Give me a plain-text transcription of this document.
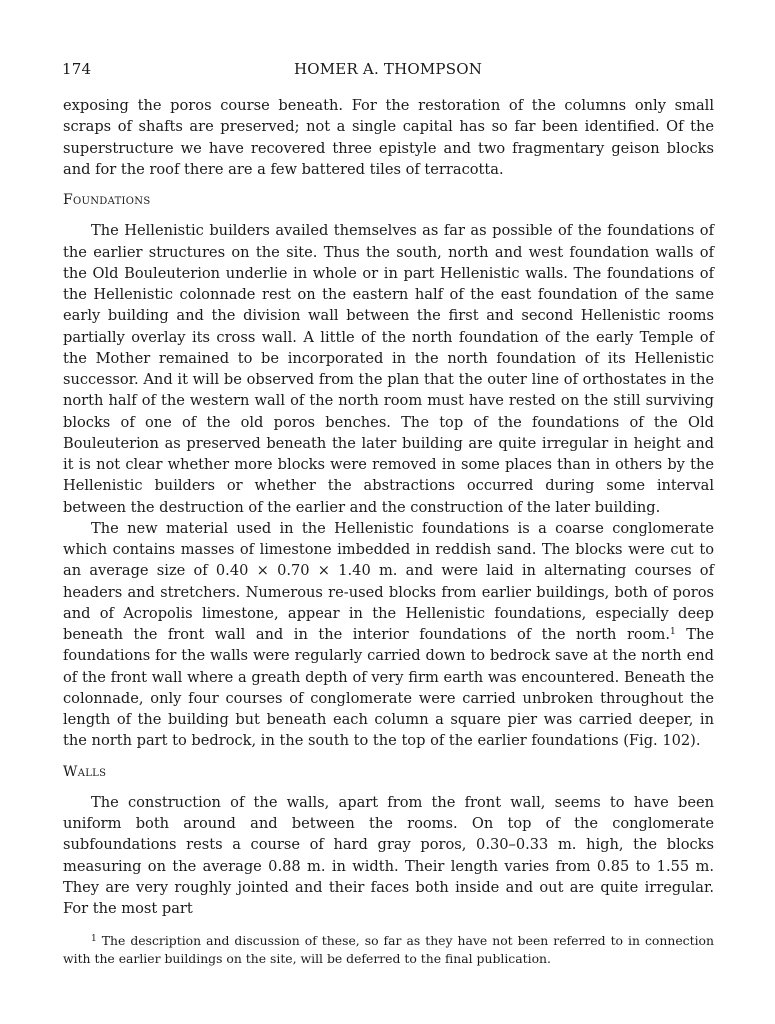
174	HOMER A. THOMPSON

exposing the poros course beneath. For the restoration of the columns only small scraps of shafts are preserved; not a single capital has so far been identified. Of the superstructure we have recovered three epistyle and two fragmentary geison blocks and for the roof there are a few battered tiles of terracotta.

Foundations

The Hellenistic builders availed themselves as far as possible of the foundations of the earlier structures on the site. Thus the south, north and west foundation walls of the Old Bouleuterion underlie in whole or in part Hellenistic walls. The foundations of the Hellenistic colonnade rest on the eastern half of the east foundation of the same early building and the division wall between the first and second Hellenistic rooms partially overlay its cross wall. A little of the north foundation of the early Temple of the Mother remained to be incorporated in the north foundation of its Hellenistic successor. And it will be observed from the plan that the outer line of orthostates in the north half of the western wall of the north room must have rested on the still surviving blocks of one of the old poros benches. The top of the foundations of the Old Bouleuterion as preserved beneath the later building are quite irregular in height and it is not clear whether more blocks were removed in some places than in others by the Hellenistic builders or whether the abstractions occurred during some interval between the destruction of the earlier and the construction of the later building.

The new material used in the Hellenistic foundations is a coarse conglomerate which contains masses of limestone imbedded in reddish sand. The blocks were cut to an average size of 0.40 × 0.70 × 1.40 m. and were laid in alternating courses of headers and stretchers. Numerous re-used blocks from earlier buildings, both of poros and of Acropolis limestone, appear in the Hellenistic foundations, especially deep beneath the front wall and in the interior foundations of the north room.$^1$ The foundations for the walls were regularly carried down to bedrock save at the north end of the front wall where a greath depth of very firm earth was encountered. Beneath the colonnade, only four courses of conglomerate were carried unbroken throughout the length of the building but beneath each column a square pier was carried deeper, in the north part to bedrock, in the south to the top of the earlier foundations (Fig. 102).

Walls

The construction of the walls, apart from the front wall, seems to have been uniform both around and between the rooms. On top of the conglomerate subfoundations rests a course of hard gray poros, 0.30–0.33 m. high, the blocks measuring on the average 0.88 m. in width. Their length varies from 0.85 to 1.55 m. They are very roughly jointed and their faces both inside and out are quite irregular. For the most part

$^1$ The description and discussion of these, so far as they have not been referred to in connection with the earlier buildings on the site, will be deferred to the final publication.
